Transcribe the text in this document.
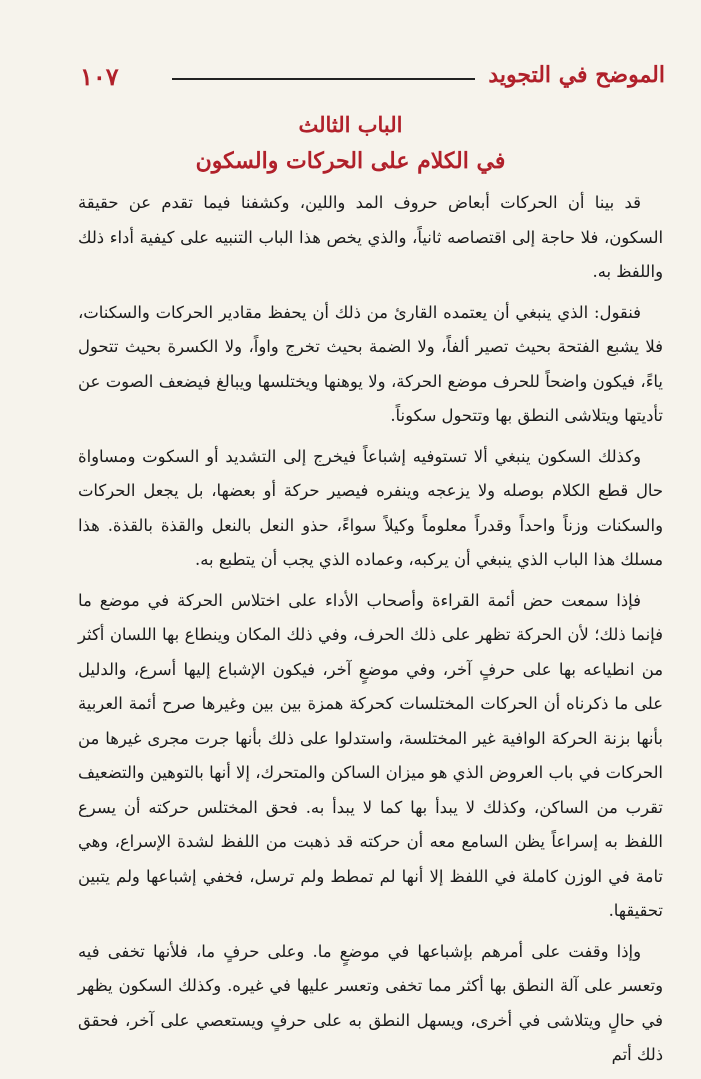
الموضح في التجويد
١٠٧
الباب الثالث
في الكلام على الحركات والسكون

قد بينا أن الحركات أبعاض حروف المد واللين، وكشفنا فيما تقدم عن حقيقة السكون، فلا حاجة إلى اقتصاصه ثانياً، والذي يخص هذا الباب التنبيه على كيفية أداء ذلك واللفظ به.

فنقول: الذي ينبغي أن يعتمده القارئ من ذلك أن يحفظ مقادير الحركات والسكنات، فلا يشبع الفتحة بحيث تصير ألفاً، ولا الضمة بحيث تخرج واواً، ولا الكسرة بحيث تتحول ياءً، فيكون واضحاً للحرف موضع الحركة، ولا يوهنها ويختلسها ويبالغ فيضعف الصوت عن تأديتها ويتلاشى النطق بها وتتحول سكوناً.

وكذلك السكون ينبغي ألا تستوفيه إشباعاً فيخرج إلى التشديد أو السكوت ومساواة حال قطع الكلام بوصله ولا يزعجه وينفره فيصير حركة أو بعضها، بل يجعل الحركات والسكنات وزناً واحداً وقدراً معلوماً وكيلاً سواءً، حذو النعل بالنعل والقذة بالقذة. هذا مسلك هذا الباب الذي ينبغي أن يركبه، وعماده الذي يجب أن يتطبع به.

فإذا سمعت حض أئمة القراءة وأصحاب الأداء على اختلاس الحركة في موضع ما فإنما ذلك؛ لأن الحركة تظهر على ذلك الحرف، وفي ذلك المكان وينطاع بها اللسان أكثر من انطياعه بها على حرفٍ آخر، وفي موضعٍ آخر، فيكون الإشباع إليها أسرع، والدليل على ما ذكرناه أن الحركات المختلسات كحركة همزة بين بين وغيرها صرح أئمة العربية بأنها بزنة الحركة الوافية غير المختلسة، واستدلوا على ذلك بأنها جرت مجرى غيرها من الحركات في باب العروض الذي هو ميزان الساكن والمتحرك، إلا أنها بالتوهين والتضعيف تقرب من الساكن، وكذلك لا يبدأ بها كما لا يبدأ به. فحق المختلس حركته أن يسرع اللفظ به إسراعاً يظن السامع معه أن حركته قد ذهبت من اللفظ لشدة الإسراع، وهي تامة في الوزن كاملة في اللفظ إلا أنها لم تمطط ولم ترسل، فخفي إشباعها ولم يتبين تحقيقها.

وإذا وقفت على أمرهم بإشباعها في موضعٍ ما. وعلى حرفٍ ما، فلأنها تخفى فيه وتعسر على آلة النطق بها أكثر مما تخفى وتعسر عليها في غيره. وكذلك السكون يظهر في حالٍ ويتلاشى في أخرى، ويسهل النطق به على حرفٍ ويستعصي على آخر، فحقق ذلك أتم
